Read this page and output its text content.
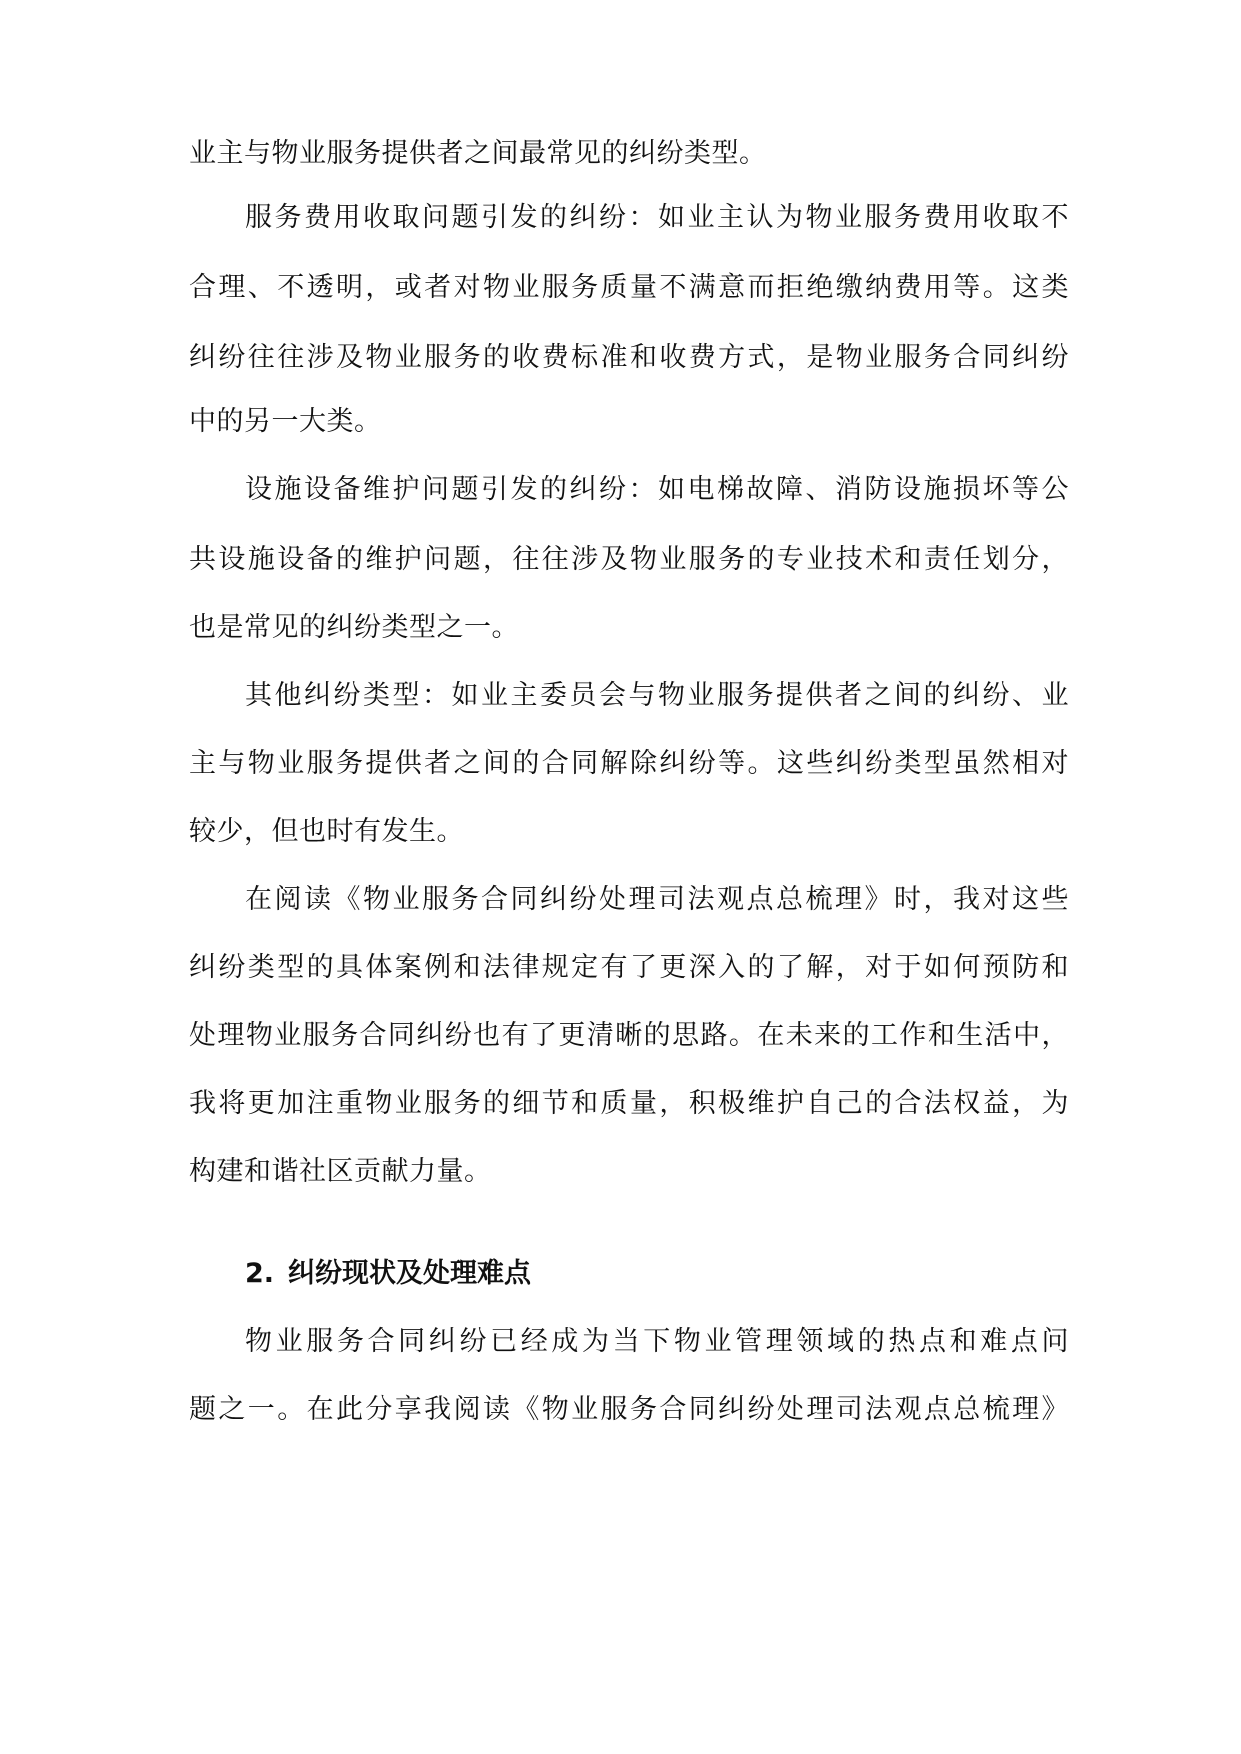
业主与物业服务提供者之间最常见的纠纷类型。
服务费用收取问题引发的纠纷：如业主认为物业服务费用收取不
合理、不透明，或者对物业服务质量不满意而拒绝缴纳费用等。这类
纠纷往往涉及物业服务的收费标准和收费方式，是物业服务合同纠纷
中的另一大类。
设施设备维护问题引发的纠纷：如电梯故障、消防设施损坏等公
共设施设备的维护问题，往往涉及物业服务的专业技术和责任划分，
也是常见的纠纷类型之一。
其他纠纷类型：如业主委员会与物业服务提供者之间的纠纷、业
主与物业服务提供者之间的合同解除纠纷等。这些纠纷类型虽然相对
较少，但也时有发生。
在阅读《物业服务合同纠纷处理司法观点总梳理》时，我对这些
纠纷类型的具体案例和法律规定有了更深入的了解，对于如何预防和
处理物业服务合同纠纷也有了更清晰的思路。在未来的工作和生活中，
我将更加注重物业服务的细节和质量，积极维护自己的合法权益，为
构建和谐社区贡献力量。
2. 纠纷现状及处理难点
物业服务合同纠纷已经成为当下物业管理领域的热点和难点问
题之一。在此分享我阅读《物业服务合同纠纷处理司法观点总梳理》
